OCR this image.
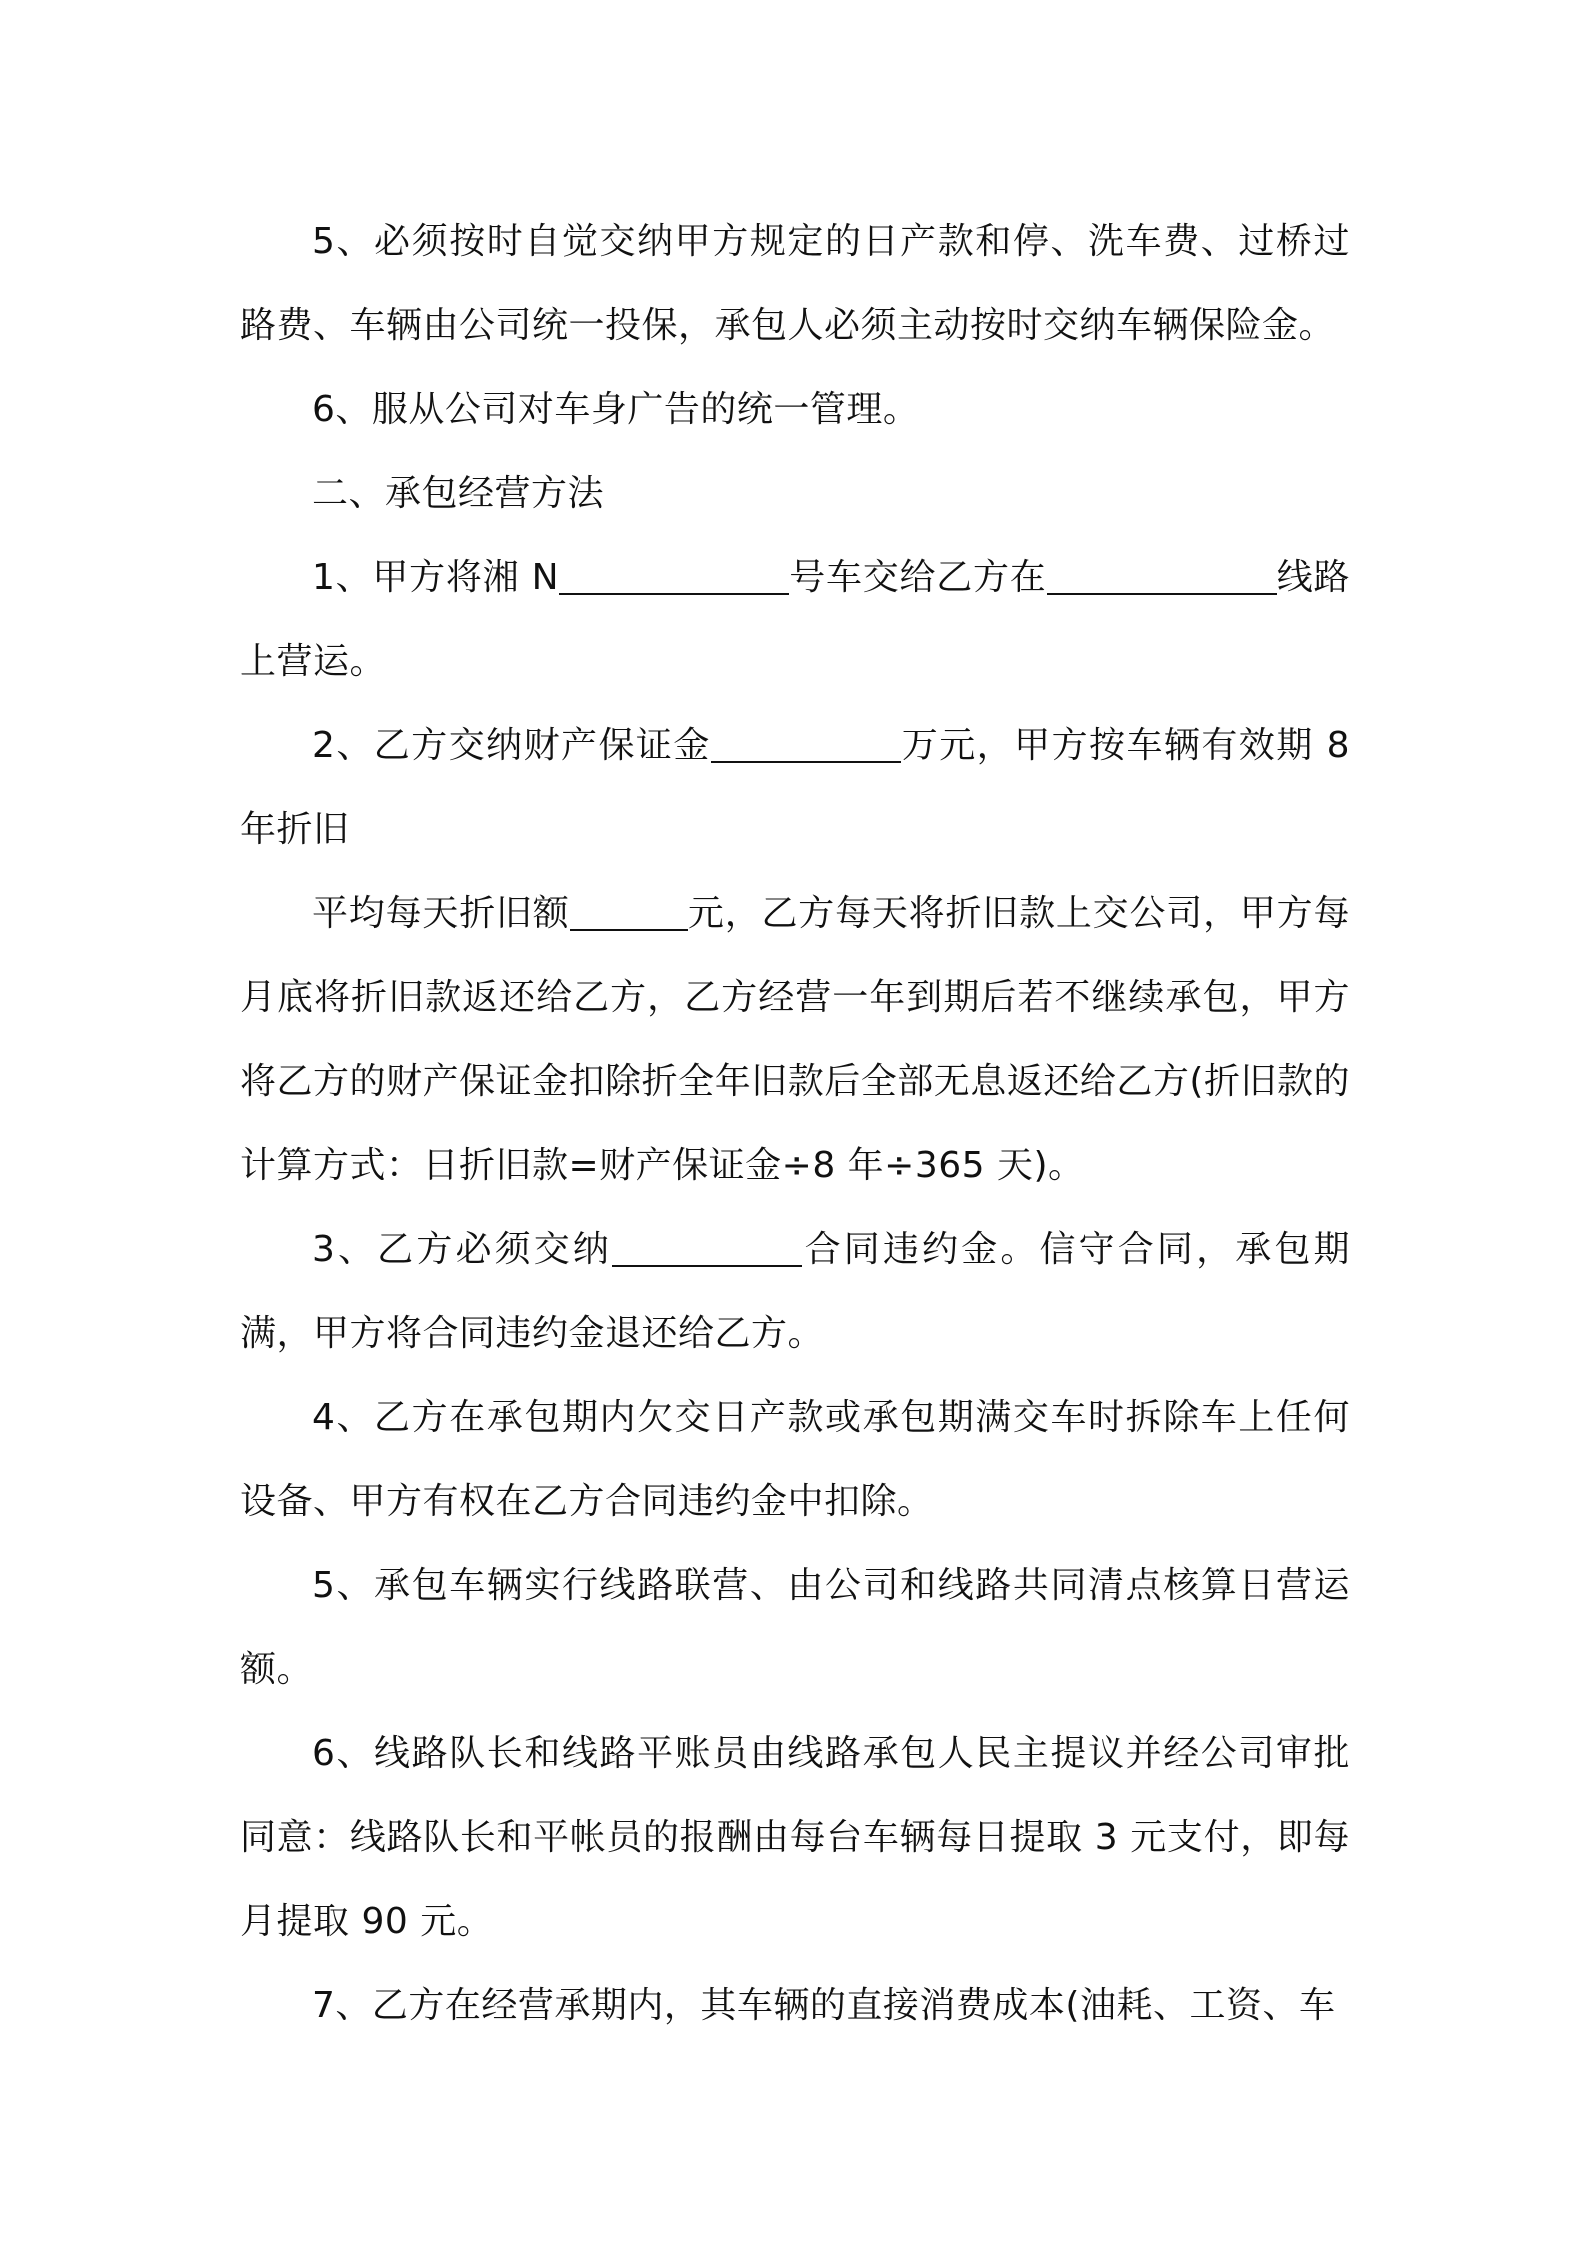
5、必须按时自觉交纳甲方规定的日产款和停、洗车费、过桥过路费、车辆由公司统一投保，承包人必须主动按时交纳车辆保险金。

6、服从公司对车身广告的统一管理。

二、承包经营方法

1、甲方将湘 N	号车交给乙方在	线路上营运。

2、乙方交纳财产保证金	万元，甲方按车辆有效期 8 年折旧

平均每天折旧额	元，乙方每天将折旧款上交公司，甲方每月底将折旧款返还给乙方，乙方经营一年到期后若不继续承包，甲方将乙方的财产保证金扣除折全年旧款后全部无息返还给乙方(折旧款的计算方式：日折旧款=财产保证金÷8 年÷365 天)。

3、乙方必须交纳	合同违约金。信守合同，承包期满，甲方将合同违约金退还给乙方。

4、乙方在承包期内欠交日产款或承包期满交车时拆除车上任何设备、甲方有权在乙方合同违约金中扣除。

5、承包车辆实行线路联营、由公司和线路共同清点核算日营运额。

6、线路队长和线路平账员由线路承包人民主提议并经公司审批同意：线路队长和平帐员的报酬由每台车辆每日提取 3 元支付，即每月提取 90 元。

7、乙方在经营承期内，其车辆的直接消费成本(油耗、工资、车
